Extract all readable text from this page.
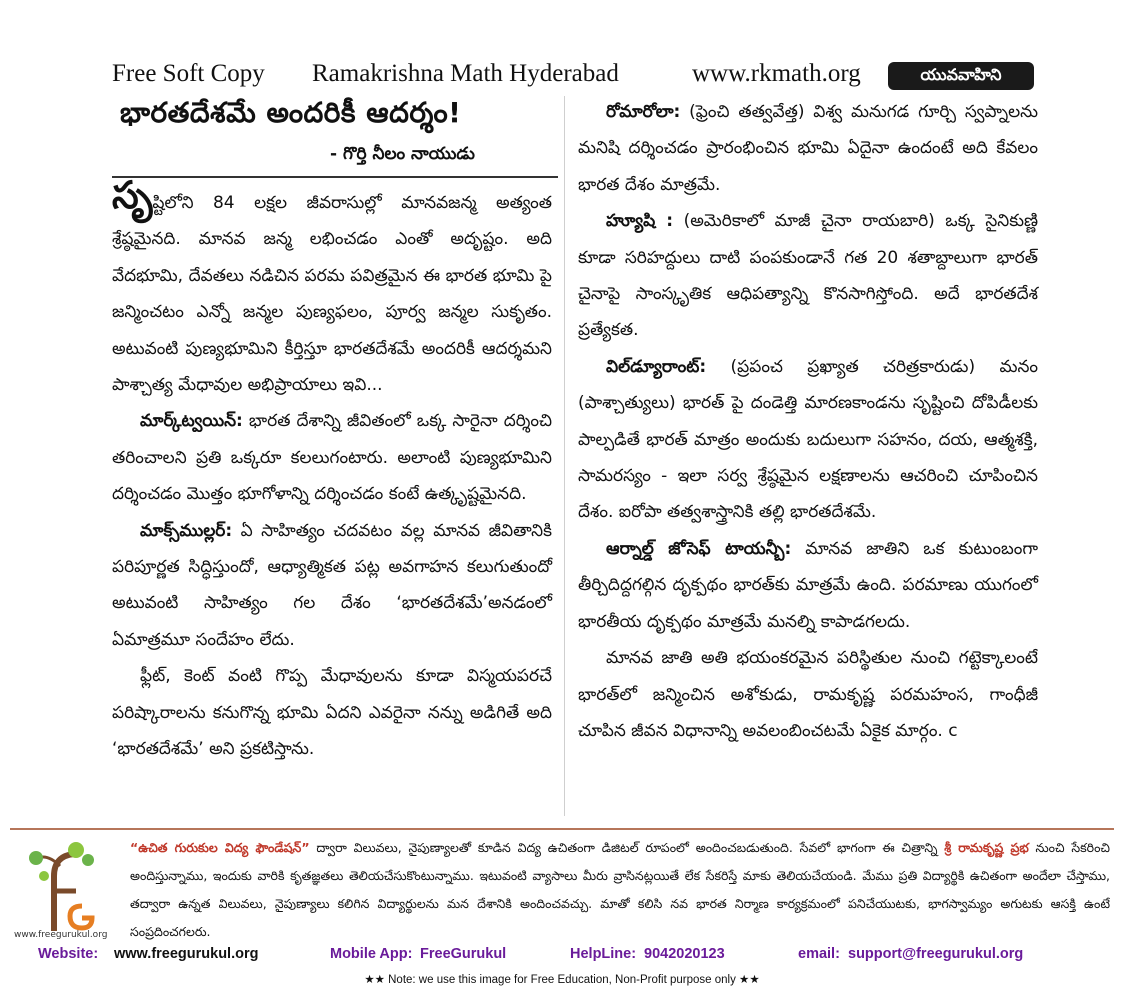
Free Soft Copy Ramakrishna Math Hyderabad	www.rkmath.org	యువవాహిని
భారతదేశమే అందరికీ ఆదర్శం!
- గొర్తి నీలం నాయుడు

సృష్టిలోని 84 లక్షల జీవరాసుల్లో మానవజన్మ అత్యంత శ్రేష్ఠమైనది. మానవ జన్మ లభించడం ఎంతో అదృష్టం. అది వేదభూమి, దేవతలు నడిచిన పరమ పవిత్రమైన ఈ భారత భూమి పై జన్మించటం ఎన్నో జన్మల పుణ్యఫలం, పూర్వ జన్మల సుకృతం. అటువంటి పుణ్యభూమిని కీర్తిస్తూ భారతదేశమే అందరికీ ఆదర్శమని పాశ్చాత్య మేధావుల అభిప్రాయాలు ఇవి...

మార్క్‌ట్వయిన్: భారత దేశాన్ని జీవితంలో ఒక్క సారైనా దర్శించి తరించాలని ప్రతి ఒక్కరూ కలలుగంటారు. అలాంటి పుణ్యభూమిని దర్శించడం మొత్తం భూగోళాన్ని దర్శించడం కంటే ఉత్కృష్టమైనది.

మాక్స్‌ముల్లర్: ఏ సాహిత్యం చదవటం వల్ల మానవ జీవితానికి పరిపూర్ణత సిద్ధిస్తుందో, ఆధ్యాత్మికత పట్ల అవగాహన కలుగుతుందో అటువంటి సాహిత్యం గల దేశం ‘భారతదేశమే’అనడంలో ఏమాత్రమూ సందేహం లేదు.

ఫ్లీట్, కెంట్ వంటి గొప్ప మేధావులను కూడా విస్మయపరచే పరిష్కారాలను కనుగొన్న భూమి ఏదని ఎవరైనా నన్ను అడిగితే అది ‘భారతదేశమే’ అని ప్రకటిస్తాను.

రోమారోలా: (ఫ్రెంచి తత్వవేత్త) విశ్వ మనుగడ గూర్చి స్వప్నాలను మనిషి దర్శించడం ప్రారంభించిన భూమి ఏదైనా ఉందంటే అది కేవలం భారత దేశం మాత్రమే.

హ్యూషి : (అమెరికాలో మాజీ చైనా రాయబారి) ఒక్క సైనికుణ్ణి కూడా సరిహద్దులు దాటి పంపకుండానే గత 20 శతాబ్దాలుగా భారత్ చైనాపై సాంస్కృతిక ఆధిపత్యాన్ని కొనసాగిస్తోంది. అదే భారతదేశ ప్రత్యేకత.

విల్‌డ్యూరాంట్: (ప్రపంచ ప్రఖ్యాత చరిత్రకారుడు) మనం (పాశ్చాత్యులు) భారత్ పై దండెత్తి మారణకాండను సృష్టించి దోపిడీలకు పాల్పడితే భారత్ మాత్రం అందుకు బదులుగా సహనం, దయ, ఆత్మశక్తి, సామరస్యం - ఇలా సర్వ శ్రేష్ఠమైన లక్షణాలను ఆచరించి చూపించిన దేశం. ఐరోపా తత్వశాస్త్రానికి తల్లి భారతదేశమే.

ఆర్నాల్డ్ జోసెఫ్ టాయన్బీ: మానవ జాతిని ఒక కుటుంబంగా తీర్చిదిద్దగల్గిన దృక్పథం భారత్‌కు మాత్రమే ఉంది. పరమాణు యుగంలో భారతీయ దృక్పథం మాత్రమే మనల్ని కాపాడగలదు.

మానవ జాతి అతి భయంకరమైన పరిస్థితుల నుంచి గట్టెక్కాలంటే భారత్‌లో జన్మించిన అశోకుడు, రామకృష్ణ పరమహంస, గాంధీజీ చూపిన జీవన విధానాన్ని అవలంబించటమే ఏకైక మార్గం. c

www.freegurukul.org
“ఉచిత గురుకుల విద్య ఫౌండేషన్” ద్వారా విలువలు, నైపుణ్యాలతో కూడిన విద్య ఉచితంగా డిజిటల్ రూపంలో అందించబడుతుంది. సేవలో భాగంగా ఈ చిత్రాన్ని శ్రీ రామకృష్ణ ప్రభ నుంచి సేకరించి అందిస్తున్నాము, ఇందుకు వారికి కృతజ్ఞతలు తెలియచేసుకొంటున్నాము. ఇటువంటి వ్యాసాలు మీరు వ్రాసినట్లయితే లేక సేకరిస్తే మాకు తెలియచేయండి. మేము ప్రతి విద్యార్థికి ఉచితంగా అందేలా చేస్తాము, తద్వారా ఉన్నత విలువలు, నైపుణ్యాలు కలిగిన విద్యార్థులను మన దేశానికి అందించవచ్చు. మాతో కలిసి నవ భారత నిర్మాణ కార్యక్రమంలో పనిచేయుటకు, భాగస్వామ్యం అగుటకు ఆసక్తి ఉంటే సంప్రదించగలరు.
Website: www.freegurukul.org	Mobile App: FreeGurukul	HelpLine: 9042020123	email: support@freegurukul.org
★★ Note: we use this image for Free Education, Non-Profit purpose only ★★
